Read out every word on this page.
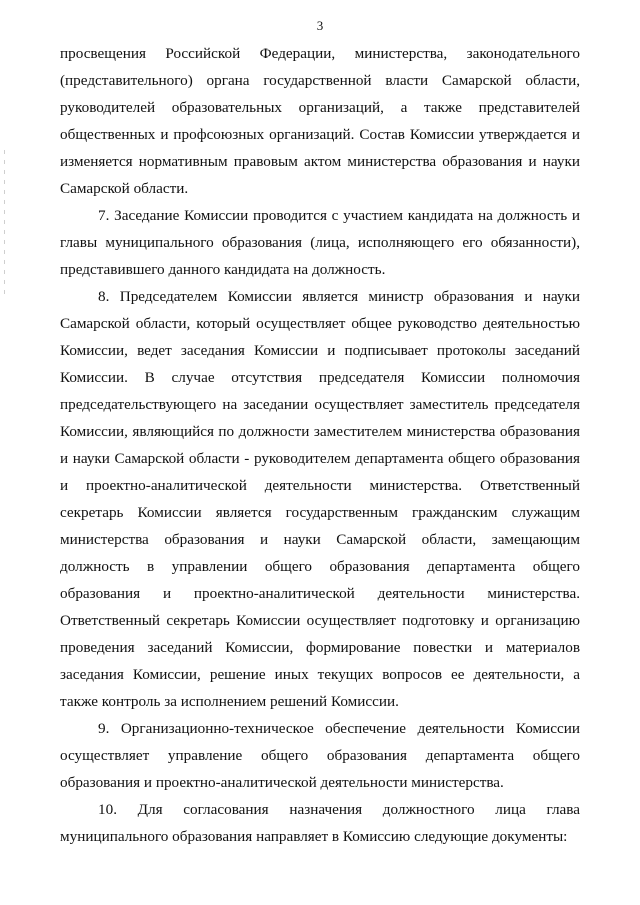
3

просвещения Российской Федерации, министерства, законодательного (представительного) органа государственной власти Самарской области, руководителей образовательных организаций, а также представителей общественных и профсоюзных организаций. Состав Комиссии утверждается и изменяется нормативным правовым актом министерства образования и науки Самарской области.

7. Заседание Комиссии проводится с участием кандидата на должность и главы муниципального образования (лица, исполняющего его обязанности), представившего данного кандидата на должность.

8. Председателем Комиссии является министр образования и науки Самарской области, который осуществляет общее руководство деятельностью Комиссии, ведет заседания Комиссии и подписывает протоколы заседаний Комиссии. В случае отсутствия председателя Комиссии полномочия председательствующего на заседании осуществляет заместитель председателя Комиссии, являющийся по должности заместителем министерства образования и науки Самарской области - руководителем департамента общего образования и проектно-аналитической деятельности министерства. Ответственный секретарь Комиссии является государственным гражданским служащим министерства образования и науки Самарской области, замещающим должность в управлении общего образования департамента общего образования и проектно-аналитической деятельности министерства. Ответственный секретарь Комиссии осуществляет подготовку и организацию проведения заседаний Комиссии, формирование повестки и материалов заседания Комиссии, решение иных текущих вопросов ее деятельности, а также контроль за исполнением решений Комиссии.

9. Организационно-техническое обеспечение деятельности Комиссии осуществляет управление общего образования департамента общего образования и проектно-аналитической деятельности министерства.

10. Для согласования назначения должностного лица глава муниципального образования направляет в Комиссию следующие документы:
